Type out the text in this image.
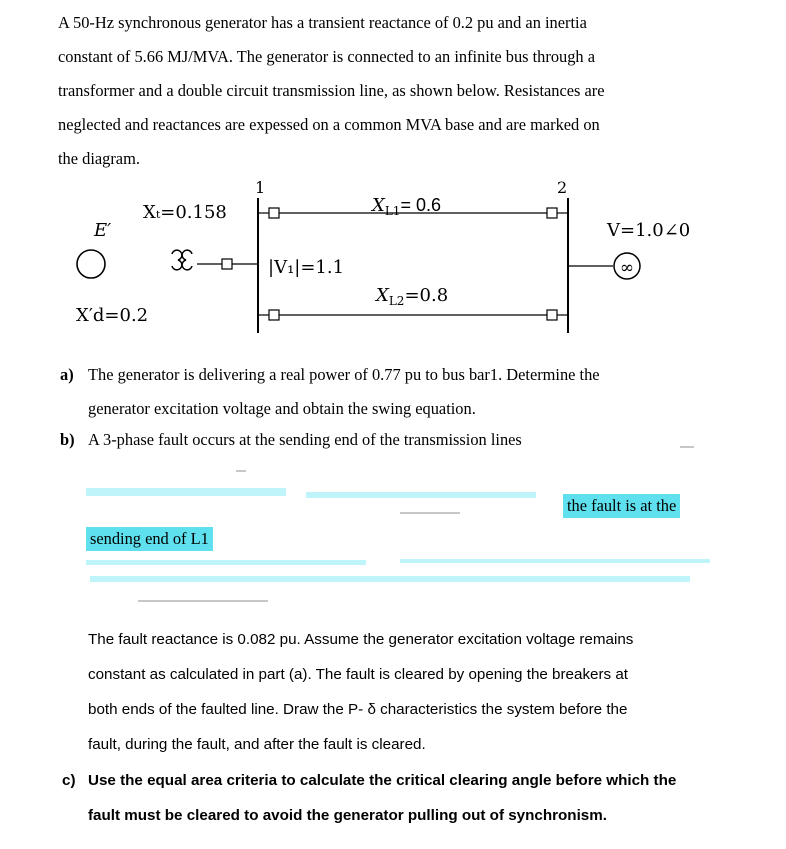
A 50-Hz synchronous generator has a transient reactance of 0.2 pu and an inertia
constant of 5.66 MJ/MVA. The generator is connected to an infinite bus through a
transformer and a double circuit transmission line, as shown below. Resistances are
neglected and reactances are expessed on a common MVA base and are marked on
the diagram.
1	2
E′
Xₜ=0.158
X′d=0.2
$X_{L1}= 0.6$
|V₁|=1.1
$X_{L2}=0.8$
V=1.0∠0
∞
a) The generator is delivering a real power of 0.77 pu to bus bar1. Determine the
generator excitation voltage and obtain the swing equation.
b) A 3-phase fault occurs at the sending end of the transmission lines
the fault is at the
sending end of L1
The fault reactance is 0.082 pu. Assume the generator excitation voltage remains
constant as calculated in part (a). The fault is cleared by opening the breakers at
both ends of the faulted line. Draw the P- δ characteristics the system before the
fault, during the fault, and after the fault is cleared.
c) Use the equal area criteria to calculate the critical clearing angle before which the
fault must be cleared to avoid the generator pulling out of synchronism.
